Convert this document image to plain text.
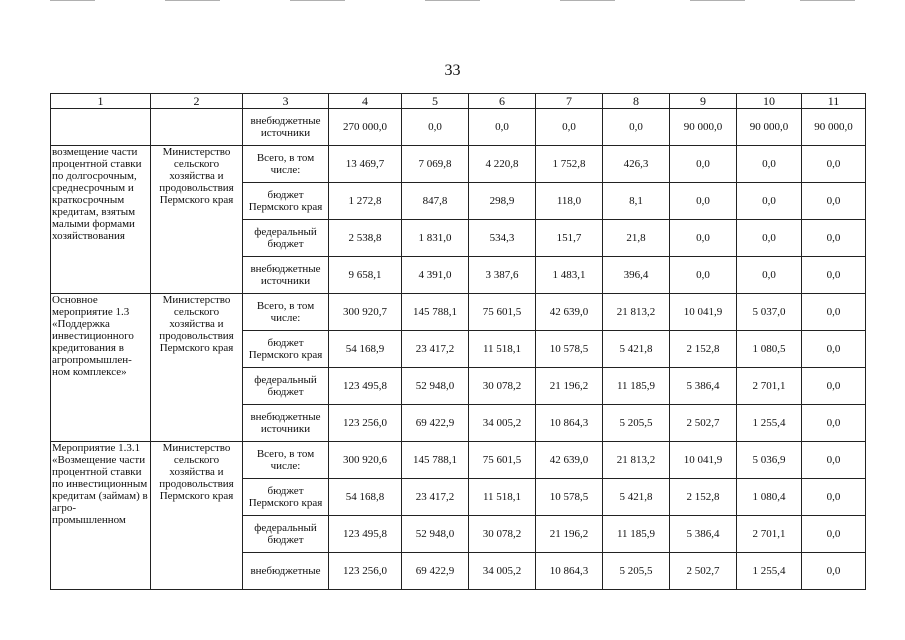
33
1	2	3	4	5	6	7	8	9	10	11
		внебюджетные источники	270 000,0	0,0	0,0	0,0	0,0	90 000,0	90 000,0	90 000,0
возмещение части процентной ставки по долгосрочным, среднесрочным и краткосрочным кредитам, взятым малыми формами хозяйствования	Министерство сельского хозяйства и продовольствия Пермского края	Всего, в том числе:	13 469,7	7 069,8	4 220,8	1 752,8	426,3	0,0	0,0	0,0
		бюджет Пермского края	1 272,8	847,8	298,9	118,0	8,1	0,0	0,0	0,0
		федеральный бюджет	2 538,8	1 831,0	534,3	151,7	21,8	0,0	0,0	0,0
		внебюджетные источники	9 658,1	4 391,0	3 387,6	1 483,1	396,4	0,0	0,0	0,0
Основное мероприятие 1.3 «Поддержка инвестиционного кредитования в агропромышлен-ном комплексе»	Министерство сельского хозяйства и продовольствия Пермского края	Всего, в том числе:	300 920,7	145 788,1	75 601,5	42 639,0	21 813,2	10 041,9	5 037,0	0,0
		бюджет Пермского края	54 168,9	23 417,2	11 518,1	10 578,5	5 421,8	2 152,8	1 080,5	0,0
		федеральный бюджет	123 495,8	52 948,0	30 078,2	21 196,2	11 185,9	5 386,4	2 701,1	0,0
		внебюджетные источники	123 256,0	69 422,9	34 005,2	10 864,3	5 205,5	2 502,7	1 255,4	0,0
Мероприятие 1.3.1 «Возмещение части процентной ставки по инвестиционным кредитам (займам) в агро-промышленном	Министерство сельского хозяйства и продовольствия Пермского края	Всего, в том числе:	300 920,6	145 788,1	75 601,5	42 639,0	21 813,2	10 041,9	5 036,9	0,0
		бюджет Пермского края	54 168,8	23 417,2	11 518,1	10 578,5	5 421,8	2 152,8	1 080,4	0,0
		федеральный бюджет	123 495,8	52 948,0	30 078,2	21 196,2	11 185,9	5 386,4	2 701,1	0,0
		внебюджетные	123 256,0	69 422,9	34 005,2	10 864,3	5 205,5	2 502,7	1 255,4	0,0
